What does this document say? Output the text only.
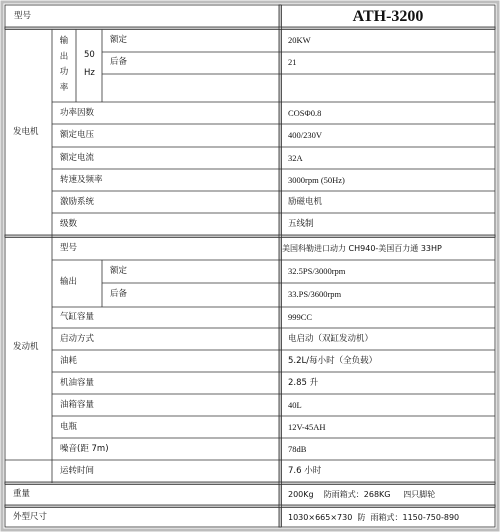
型号	ATH-3200
发电机
输出功率
50
Hz
额定	20KW
后备	21
功率因数	COSΦ0.8
额定电压	400/230V
额定电流	32A
转速及频率	3000rpm (50Hz)
激励系统	励磁电机
级数	五线制
发动机
型号	美国科勒进口动力 CH940-美国百力通 33HP
输出
额定	32.5PS/3000rpm
后备	33.PS/3600rpm
气缸容量	999CC
启动方式	电启动（双缸发动机）
油耗	5.2L/每小时（全负载）
机油容量	2.85 升
油箱容量	40L
电瓶	12V-45AH
噪音(距 7m)	78dB
运转时间	7.6 小时
重量	200Kg    防雨箱式：268KG     四只脚轮
外型尺寸	1030×665×730  防  雨箱式：1150-750-890
